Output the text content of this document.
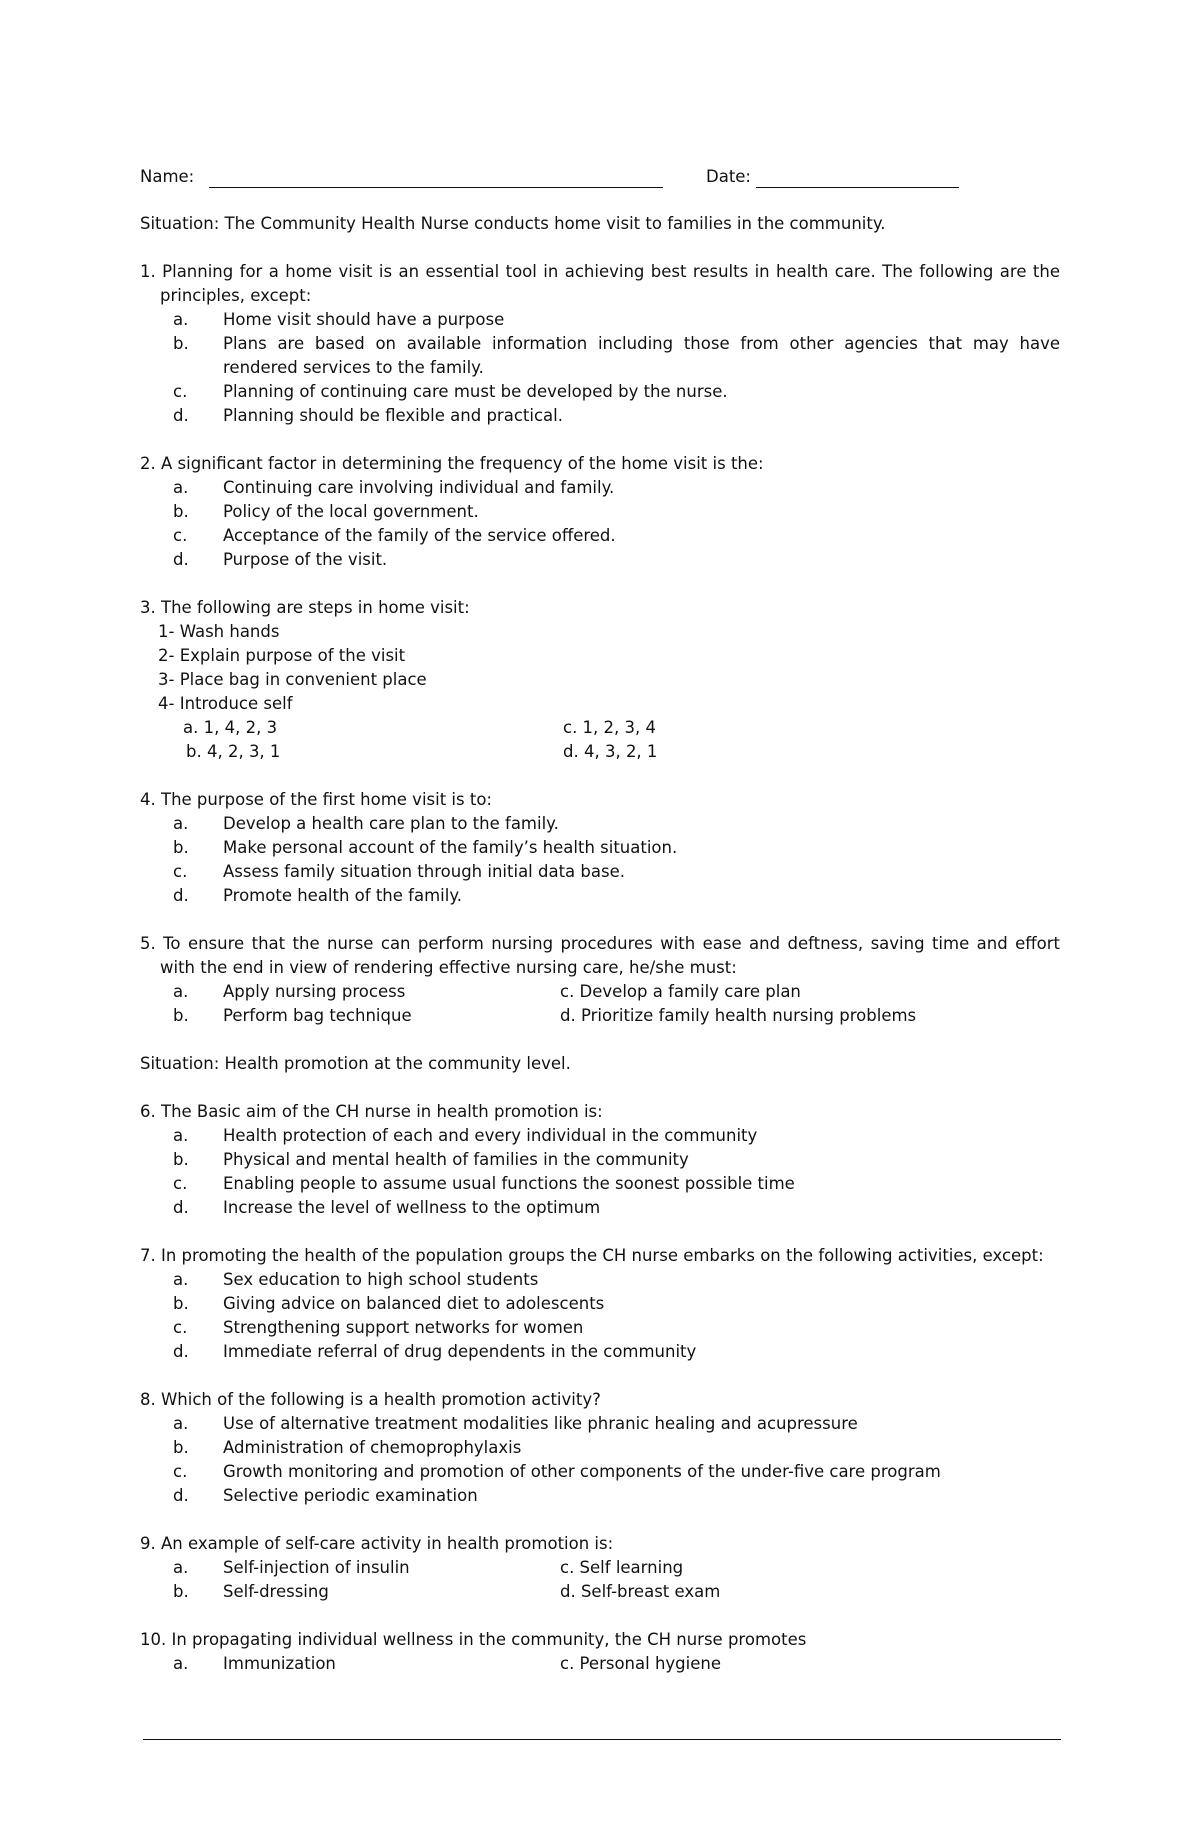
Name:	Date:
Situation: The Community Health Nurse conducts home visit to families in the community.
1. Planning for a home visit is an essential tool in achieving best results in health care. The following are the principles, except:
a.	Home visit should have a purpose
b.	Plans are based on available information including those from other agencies that may have rendered services to the family.
c.	Planning of continuing care must be developed by the nurse.
d.	Planning should be flexible and practical.
2. A significant factor in determining the frequency of the home visit is the:
a.	Continuing care involving individual and family.
b.	Policy of the local government.
c.	Acceptance of the family of the service offered.
d.	Purpose of the visit.
3. The following are steps in home visit:
1- Wash hands
2- Explain purpose of the visit
3- Place bag in convenient place
4- Introduce self
a. 1, 4, 2, 3	c. 1, 2, 3, 4
b. 4, 2, 3, 1	d. 4, 3, 2, 1
4. The purpose of the first home visit is to:
a.	Develop a health care plan to the family.
b.	Make personal account of the family’s health situation.
c.	Assess family situation through initial data base.
d.	Promote health of the family.
5. To ensure that the nurse can perform nursing procedures with ease and deftness, saving time and effort with the end in view of rendering effective nursing care, he/she must:
a.	Apply nursing process	c. Develop a family care plan
b.	Perform bag technique	d. Prioritize family health nursing problems
Situation: Health promotion at the community level.
6. The Basic aim of the CH nurse in health promotion is:
a.	Health protection of each and every individual in the community
b.	Physical and mental health of families in the community
c.	Enabling people to assume usual functions the soonest possible time
d.	Increase the level of wellness to the optimum
7. In promoting the health of the population groups the CH nurse embarks on the following activities, except:
a.	Sex education to high school students
b.	Giving advice on balanced diet to adolescents
c.	Strengthening support networks for women
d.	Immediate referral of drug dependents in the community
8. Which of the following is a health promotion activity?
a.	Use of alternative treatment modalities like phranic healing and acupressure
b.	Administration of chemoprophylaxis
c.	Growth monitoring and promotion of other components of the under-five care program
d.	Selective periodic examination
9. An example of self-care activity in health promotion is:
a.	Self-injection of insulin	c. Self learning
b.	Self-dressing	d. Self-breast exam
10. In propagating individual wellness in the community, the CH nurse promotes
a.	Immunization	c. Personal hygiene
